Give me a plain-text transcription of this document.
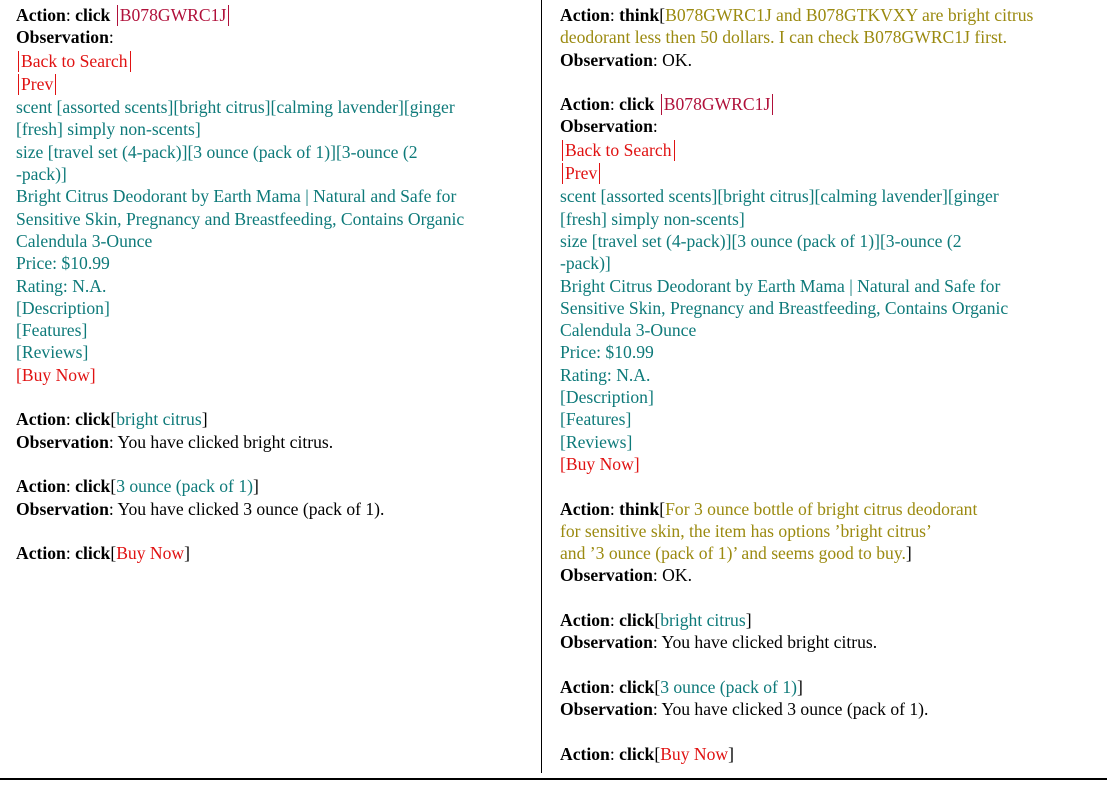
Action: click B078GWRC1J
Observation:
Back to Search
Prev
scent [assorted scents][bright citrus][calming lavender][ginger
[fresh] simply non-scents]
size [travel set (4-pack)][3 ounce (pack of 1)][3-ounce (2
-pack)]
Bright Citrus Deodorant by Earth Mama | Natural and Safe for
Sensitive Skin, Pregnancy and Breastfeeding, Contains Organic
Calendula 3-Ounce
Price: $10.99
Rating: N.A.
[Description]
[Features]
[Reviews]
[Buy Now]
Action: click[bright citrus]
Observation: You have clicked bright citrus.
Action: click[3 ounce (pack of 1)]
Observation: You have clicked 3 ounce (pack of 1).
Action: click[Buy Now]
Action: think[B078GWRC1J and B078GTKVXY are bright citrus
deodorant less then 50 dollars. I can check B078GWRC1J first.
Observation: OK.
Action: click B078GWRC1J
Observation:
Back to Search
Prev
scent [assorted scents][bright citrus][calming lavender][ginger
[fresh] simply non-scents]
size [travel set (4-pack)][3 ounce (pack of 1)][3-ounce (2
-pack)]
Bright Citrus Deodorant by Earth Mama | Natural and Safe for
Sensitive Skin, Pregnancy and Breastfeeding, Contains Organic
Calendula 3-Ounce
Price: $10.99
Rating: N.A.
[Description]
[Features]
[Reviews]
[Buy Now]
Action: think[For 3 ounce bottle of bright citrus deodorant
for sensitive skin, the item has options ’bright citrus’
and ’3 ounce (pack of 1)’ and seems good to buy.]
Observation: OK.
Action: click[bright citrus]
Observation: You have clicked bright citrus.
Action: click[3 ounce (pack of 1)]
Observation: You have clicked 3 ounce (pack of 1).
Action: click[Buy Now]
